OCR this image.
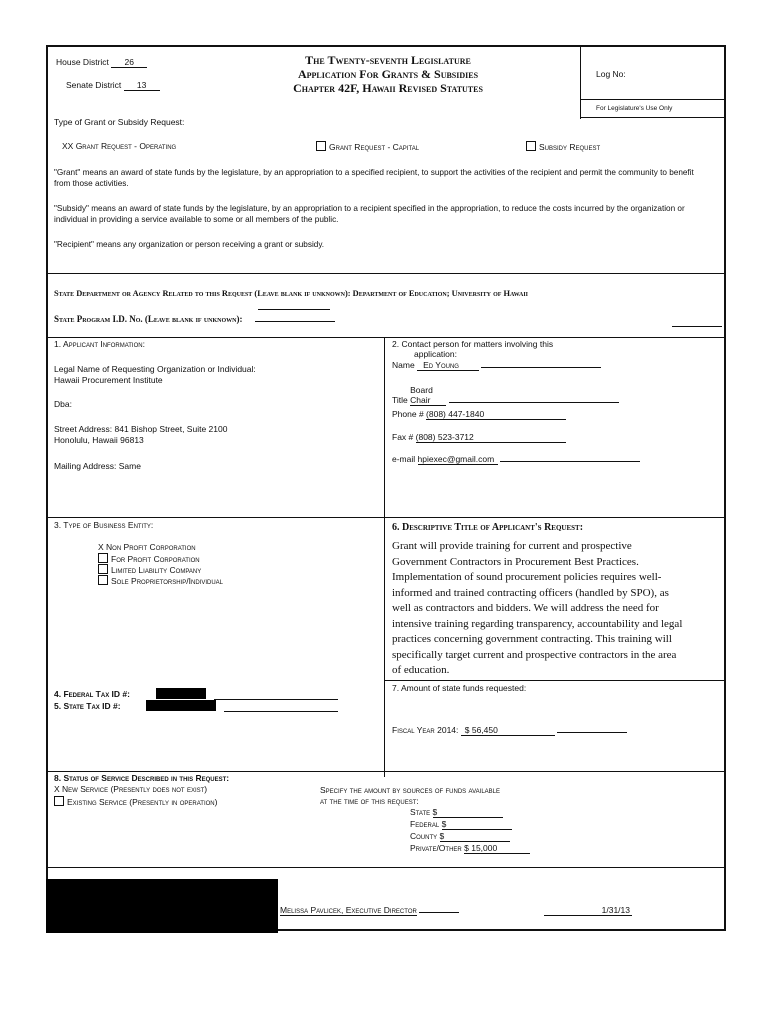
House District 26
Senate District 13
The Twenty-seventh Legislature
Application For Grants & Subsidies
Chapter 42F, Hawaii Revised Statutes
Log No:
For Legislature's Use Only
Type of Grant or Subsidy Request:
XX Grant Request - Operating	Grant Request - Capital	Subsidy Request
"Grant" means an award of state funds by the legislature, by an appropriation to a specified recipient, to support the activities of the recipient and permit the community to benefit from those activities.
"Subsidy" means an award of state funds by the legislature, by an appropriation to a recipient specified in the appropriation, to reduce the costs incurred by the organization or individual in providing a service available to some or all members of the public.
"Recipient" means any organization or person receiving a grant or subsidy.
State Department or Agency Related to this Request (Leave blank if unknown): Department of Education; University of Hawaii
State Program I.D. No. (Leave blank if unknown):
1. Applicant Information:
Legal Name of Requesting Organization or Individual:
Hawaii Procurement Institute
Dba:
Street Address: 841 Bishop Street, Suite 2100
Honolulu, Hawaii 96813
Mailing Address: Same
2. Contact person for matters involving this
application:
Name Ed Young
Title Board Chair
Phone # (808) 447-1840
Fax # (808) 523-3712
e-mail hpiexec@gmail.com
3. Type of Business Entity:
X Non Profit Corporation
For Profit Corporation
Limited Liability Company
Sole Proprietorship/Individual
6. Descriptive Title of Applicant's Request:
Grant will provide training for current and prospective
Government Contractors in Procurement Best Practices.
Implementation of sound procurement policies requires well-
informed and trained contracting officers (handled by SPO), as
well as contractors and bidders. We will address the need for
intensive training regarding transparency, accountability and legal
practices concerning government contracting. This training will
specifically target current and prospective contractors in the area
of education.
7. Amount of state funds requested:
Fiscal Year 2014: $ 56,450
4. Federal Tax ID #:
5. State Tax ID #:
8. Status of Service Described in this Request:
X New Service (Presently does not exist)
Existing Service (Presently in operation)
Specify the amount by sources of funds available
at the time of this request:
State $
Federal $
County $
Private/Other $ 15,000
Melissa Pavlicek, Executive Director	1/31/13
